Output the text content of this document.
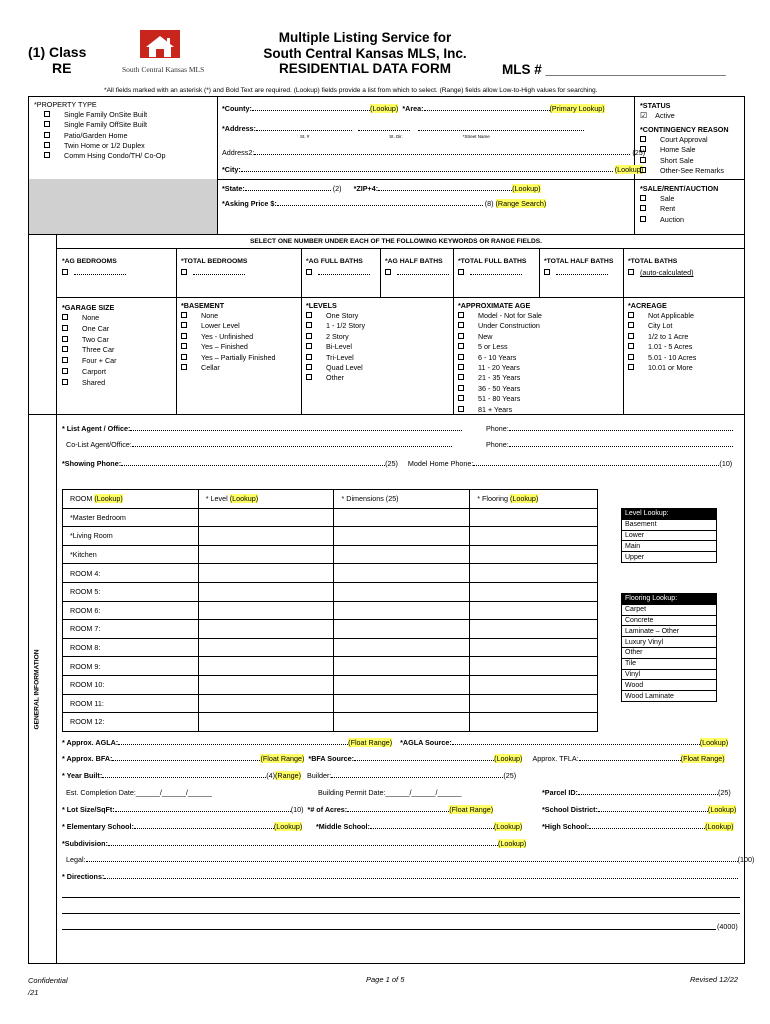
(1) Class
RE	South Central Kansas MLS
Multiple Listing Service for
South Central Kansas MLS, Inc.
RESIDENTIAL DATA FORM	MLS # ________________________
*All fields marked with an asterisk (*) and Bold Text are required. (Lookup) fields provide a list from which to select. (Range) fields allow Low-to-High values for searching.
*PROPERTY TYPE
Single Family OnSite Built
Single Family OffSite Built
Patio/Garden Home
Twin Home or 1/2 Duplex
Comm Hsing Condo/TH/ Co-Op
*County:	(Lookup) *Area:	(Primary Lookup)
*Address:
St. #	St. Dir.	*Street Name
Address2:	(25)
*City:	(Lookup)
*State:	(2) *ZIP+4:	(Lookup)
*Asking Price $:	(8) (Range Search)
*STATUS
☑ Active
*CONTINGENCY REASON
Court Approval
Home Sale
Short Sale
Other-See Remarks
*SALE/RENT/AUCTION
Sale
Rent
Auction
SELECT ONE NUMBER UNDER EACH OF THE FOLLOWING KEYWORDS OR RANGE FIELDS.
*AG BEDROOMS	*TOTAL BEDROOMS	*AG FULL BATHS	*AG HALF BATHS *TOTAL FULL BATHS	*TOTAL HALF BATHS *TOTAL BATHS
(auto-calculated)
*GARAGE SIZE
None
One Car
Two Car
Three Car
Four + Car
Carport
Shared
*BASEMENT
None
Lower Level
Yes - Unfinished
Yes – Finished
Yes – Partially Finished
Cellar
*LEVELS
One Story
1 - 1/2 Story
2 Story
Bi-Level
Tri-Level
Quad Level
Other
*APPROXIMATE AGE
Model - Not for Sale
Under Construction
New
5 or Less
6 - 10 Years
11 - 20 Years
21 - 35 Years
36 - 50 Years
51 - 80 Years
81 + Years
*ACREAGE
Not Applicable
City Lot
1/2 to 1 Acre
1.01 - 5 Acres
5.01 - 10 Acres
10.01 or More
GENERAL INFORMATION
* List Agent / Office:	Phone:
Co-List Agent/Office:	Phone:
*Showing Phone:	(25) Model Home Phone:	(10)
ROOM (Lookup)	* Level (Lookup)	* Dimensions (25)	* Flooring (Lookup)
*Master Bedroom			
*Living Room			
*Kitchen			
ROOM 4:			
ROOM 5:			
ROOM 6:			
ROOM 7:			
ROOM 8:			
ROOM 9:			
ROOM 10:			
ROOM 11:			
ROOM 12:			
Level Lookup:
Basement
Lower
Main
Upper
Flooring Lookup:
Carpet
Concrete
Laminate – Other
Luxury Vinyl
Other
Tile
Vinyl
Wood
Wood Laminate
* Approx. AGLA:	(Float Range) *AGLA Source:	(Lookup)
* Approx. BFA:	(Float Range) *BFA Source:	(Lookup) Approx. TFLA:	(Float Range)
* Year Built:	(4)(Range) Builder:	(25)
Est. Completion Date:______/______/______	Building Permit Date:______/______/______	*Parcel ID:	(25)
* Lot Size/SqFt:	(10) *# of Acres:	(Float Range)	*School District:	(Lookup)
* Elementary School:	(Lookup) *Middle School:	(Lookup)	*High School:	(Lookup)
*Subdivision:	(Lookup)
Legal:	(100)
* Directions:
(4000)
Confidential
/21
Page 1 of 5	Revised 12/22
